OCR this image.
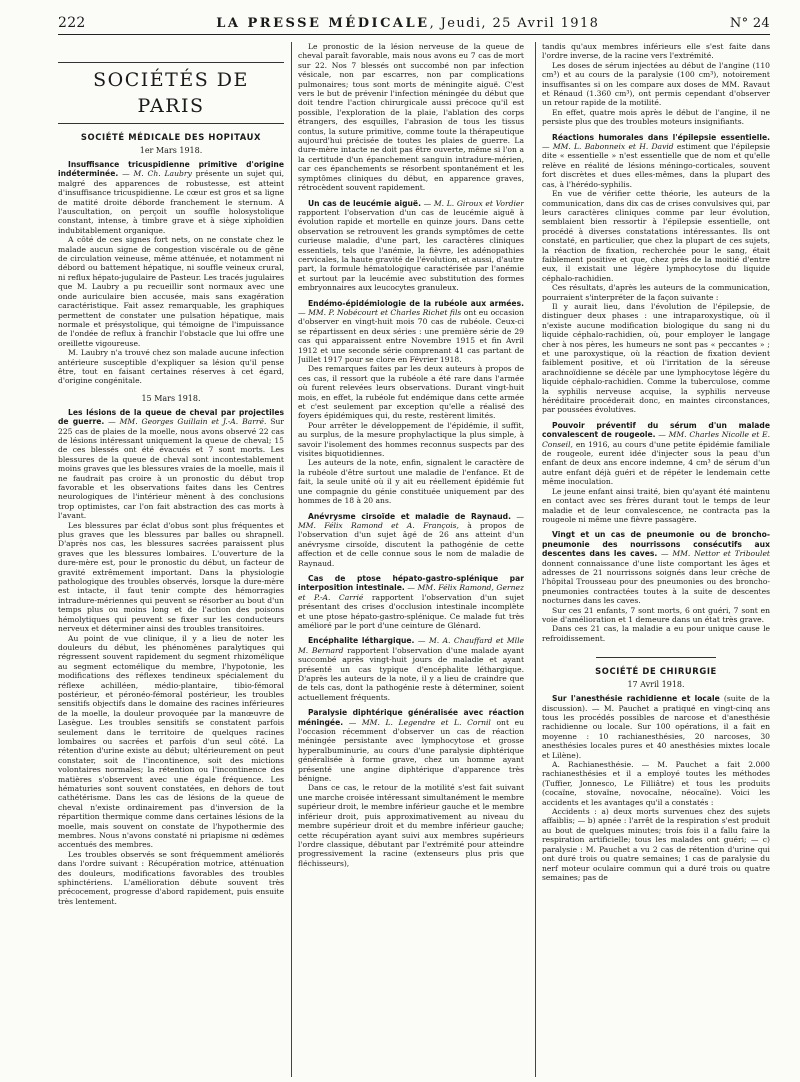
222	LA PRESSE MÉDICALE, Jeudi, 25 Avril 1918	N° 24
SOCIÉTÉS DE PARIS
SOCIÉTÉ MÉDICALE DES HOPITAUX
1er Mars 1918.

Insuffisance tricuspidienne primitive d'origine indéterminée. — M. Ch. Laubry présente un sujet qui, malgré des apparences de robustesse, est atteint d'insuffisance tricuspidienne. Le cœur est gros et sa ligne de matité droite déborde franchement le sternum. A l'auscultation, on perçoit un souffle holosystolique constant, intense, à timbre grave et à siège xiphoïdien indubitablement organique.

A côté de ces signes fort nets, on ne constate chez le malade aucun signe de congestion viscérale ou de gêne de circulation veineuse, même atténuée, et notamment ni débord ou battement hépatique, ni souffle veineux crural, ni reflux hépato-jugulaire de Pasteur. Les tracés jugulaires que M. Laubry a pu recueillir sont normaux avec une onde auriculaire bien accusée, mais sans exagération caractéristique. Fait assez remarquable, les graphiques permettent de constater une pulsation hépatique, mais normale et présystolique, qui témoigne de l'impuissance de l'ondée de reflux à franchir l'obstacle que lui offre une oreillette vigoureuse.

M. Laubry n'a trouvé chez son malade aucune infection antérieure susceptible d'expliquer sa lésion qu'il pense être, tout en faisant certaines réserves à cet égard, d'origine congénitale.

15 Mars 1918.

Les lésions de la queue de cheval par projectiles de guerre. — MM. Georges Guillain et J.-A. Barré. Sur 225 cas de plaies de la moelle, nous avons observé 22 cas de lésions intéressant uniquement la queue de cheval; 15 de ces blessés ont été évacués et 7 sont morts. Les blessures de la queue de cheval sont incontestablement moins graves que les blessures vraies de la moelle, mais il ne faudrait pas croire à un pronostic du début trop favorable et les observations faites dans les Centres neurologiques de l'intérieur mènent à des conclusions trop optimistes, car l'on fait abstraction des cas morts à l'avant.

Les blessures par éclat d'obus sont plus fréquentes et plus graves que les blessures par balles ou shrapnell. D'après nos cas, les blessures sacrées paraissent plus graves que les blessures lombaires. L'ouverture de la dure-mère est, pour le pronostic du début, un facteur de gravité extrêmement important. Dans la physiologie pathologique des troubles observés, lorsque la dure-mère est intacte, il faut tenir compte des hémorragies intradure-mériennes qui peuvent se résorber au bout d'un temps plus ou moins long et de l'action des poisons hémolytiques qui peuvent se fixer sur les conducteurs nerveux et déterminer ainsi des troubles transitoires.

Au point de vue clinique, il y a lieu de noter les douleurs du début, les phénomènes paralytiques qui régressent souvent rapidement du segment rhizomélique au segment ectomélique du membre, l'hypotonie, les modifications des réflexes tendineux spécialement du réflexe achilléen, médio-plantaire, tibio-fémoral postérieur, et péronéo-fémoral postérieur, les troubles sensitifs objectifs dans le domaine des racines inférieures de la moelle, la douleur provoquée par la manœuvre de Lasègue. Les troubles sensitifs se constatent parfois seulement dans le territoire de quelques racines lombaires ou sacrées et parfois d'un seul côté. La rétention d'urine existe au début; ultérieurement on peut constater, soit de l'incontinence, soit des mictions volontaires normales; la rétention ou l'incontinence des matières s'observent avec une égale fréquence. Les hématuries sont souvent constatées, en dehors de tout cathétérisme. Dans les cas de lésions de la queue de cheval n'existe ordinairement pas d'inversion de la répartition thermique comme dans certaines lésions de la moelle, mais souvent on constate de l'hypothermie des membres. Nous n'avons constaté ni priapisme ni œdèmes accentués des membres.

Les troubles observés se sont fréquemment améliorés dans l'ordre suivant : Récupération motrice, atténuation des douleurs, modifications favorables des troubles sphinctériens. L'amélioration débute souvent très précocement, progresse d'abord rapidement, puis ensuite très lentement.

Le pronostic de la lésion nerveuse de la queue de cheval paraît favorable, mais nous avons eu 7 cas de mort sur 22. Nos 7 blessés ont succombé non par infection vésicale, non par escarres, non par complications pulmonaires; tous sont morts de méningite aiguë. C'est vers le but de prévenir l'infection méningée du début que doit tendre l'action chirurgicale aussi précoce qu'il est possible, l'exploration de la plaie, l'ablation des corps étrangers, des esquilles, l'abrasion de tous les tissus contus, la suture primitive, comme toute la thérapeutique aujourd'hui précisée de toutes les plaies de guerre. La dure-mère intacte ne doit pas être ouverte, même si l'on a la certitude d'un épanchement sanguin intradure-mérien, car ces épanchements se résorbent spontanément et les symptômes cliniques du début, en apparence graves, rétrocèdent souvent rapidement.

Un cas de leucémie aiguë. — M. L. Giroux et Vordier rapportent l'observation d'un cas de leucémie aiguë à évolution rapide et mortelle en quinze jours. Dans cette observation se retrouvent les grands symptômes de cette curieuse maladie, d'une part, les caractères cliniques essentiels, tels que l'anémie, la fièvre, les adénopathies cervicales, la haute gravité de l'évolution, et aussi, d'autre part, la formule hématologique caractérisée par l'anémie et surtout par la leucémie avec substitution des formes embryonnaires aux leucocytes granuleux.

Endémo-épidémiologie de la rubéole aux armées. — MM. P. Nobécourt et Charles Richet fils ont eu occasion d'observer en vingt-huit mois 70 cas de rubéole. Ceux-ci se répartissent en deux séries : une première série de 29 cas qui apparaissent entre Novembre 1915 et fin Avril 1912 et une seconde série comprenant 41 cas partant de Juillet 1917 pour se clore en Février 1918.

Des remarques faites par les deux auteurs à propos de ces cas, il ressort que la rubéole a été rare dans l'armée où furent relevées leurs observations. Durant vingt-huit mois, en effet, la rubéole fut endémique dans cette armée et c'est seulement par exception qu'elle a réalisé des foyers épidémiques qui, du reste, restèrent limités.

Pour arrêter le développement de l'épidémie, il suffit, au surplus, de la mesure prophylactique la plus simple, à savoir l'isolement des hommes reconnus suspects par des visites biquotidiennes.

Les auteurs de la note, enfin, signalent le caractère de la rubéole d'être surtout une maladie de l'enfance. Et de fait, la seule unité où il y ait eu réellement épidémie fut une compagnie du génie constituée uniquement par des hommes de 18 à 20 ans.

Anévrysme cirsoïde et maladie de Raynaud. — MM. Félix Ramond et A. François, à propos de l'observation d'un sujet âgé de 26 ans atteint d'un anévrysme cirsoïde, discutent la pathogénie de cette affection et de celle connue sous le nom de maladie de Raynaud.

Cas de ptose hépato-gastro-splénique par interposition intestinale. — MM. Félix Ramond, Gernez et P.-A. Carrié rapportent l'observation d'un sujet présentant des crises d'occlusion intestinale incomplète et une ptose hépato-gastro-splénique. Ce malade fut très amélioré par le port d'une ceinture de Glénard.

Encéphalite léthargique. — M. A. Chauffard et Mlle M. Bernard rapportent l'observation d'une malade ayant succombé après vingt-huit jours de maladie et ayant présenté un cas typique d'encéphalite léthargique. D'après les auteurs de la note, il y a lieu de craindre que de tels cas, dont la pathogénie reste à déterminer, soient actuellement fréquents.

Paralysie diphtérique généralisée avec réaction méningée. — MM. L. Legendre et L. Cornil ont eu l'occasion récemment d'observer un cas de réaction méningée persistante avec lymphocytose et grosse hyperalbuminurie, au cours d'une paralysie diphtérique généralisée à forme grave, chez un homme ayant présenté une angine diphtérique d'apparence très bénigne.

Dans ce cas, le retour de la motilité s'est fait suivant une marche croisée intéressant simultanément le membre supérieur droit, le membre inférieur gauche et le membre inférieur droit, puis approximativement au niveau du membre supérieur droit et du membre inférieur gauche; cette récupération ayant suivi aux membres supérieurs l'ordre classique, débutant par l'extrémité pour atteindre progressivement la racine (extenseurs plus pris que fléchisseurs),

tandis qu'aux membres inférieurs elle s'est faite dans l'ordre inverse, de la racine vers l'extrémité.

Les doses de sérum injectées au début de l'angine (110 cm³) et au cours de la paralysie (100 cm³), notoirement insuffisantes si on les compare aux doses de MM. Ravaut et Rénaud (1.360 cm³), ont permis cependant d'observer un retour rapide de la motilité.

En effet, quatre mois après le début de l'angine, il ne persiste plus que des troubles moteurs insignifiants.

Réactions humorales dans l'épilepsie essentielle. — MM. L. Babonneix et H. David estiment que l'épilepsie dite « essentielle » n'est essentielle que de nom et qu'elle relève en réalité de lésions méningo-corticales, souvent fort discrètes et dues elles-mêmes, dans la plupart des cas, à l'hérédo-syphilis.

En vue de vérifier cette théorie, les auteurs de la communication, dans dix cas de crises convulsives qui, par leurs caractères cliniques comme par leur évolution, semblaient bien ressortir à l'épilepsie essentielle, ont procédé à diverses constatations intéressantes. Ils ont constaté, en particulier, que chez la plupart de ces sujets, la réaction de fixation, recherchée pour le sang, était faiblement positive et que, chez près de la moitié d'entre eux, il existait une légère lymphocytose du liquide céphalo-rachidien.

Ces résultats, d'après les auteurs de la communication, pourraient s'interpréter de la façon suivante :

Il y aurait lieu, dans l'évolution de l'épilepsie, de distinguer deux phases : une intraparoxystique, où il n'existe aucune modification biologique du sang ni du liquide céphalo-rachidien, où, pour employer le langage cher à nos pères, les humeurs ne sont pas « peccantes » ; et une paroxystique, où la réaction de fixation devient faiblement positive, et où l'irritation de la séreuse arachnoïdienne se décèle par une lymphocytose légère du liquide céphalo-rachidien. Comme la tuberculose, comme la syphilis nerveuse acquise, la syphilis nerveuse héréditaire procéderait donc, en maintes circonstances, par poussées évolutives.

Pouvoir préventif du sérum d'un malade convalescent de rougeole. — MM. Charles Nicolle et E. Conseil, en 1916, au cours d'une petite épidémie familiale de rougeole, eurent idée d'injecter sous la peau d'un enfant de deux ans encore indemne, 4 cm³ de sérum d'un autre enfant déjà guéri et de répéter le lendemain cette même inoculation.

Le jeune enfant ainsi traité, bien qu'ayant été maintenu en contact avec ses frères durant tout le temps de leur maladie et de leur convalescence, ne contracta pas la rougeole ni même une fièvre passagère.

Vingt et un cas de pneumonie ou de broncho-pneumonie des nourrissons consécutifs aux descentes dans les caves. — MM. Nettor et Triboulet donnent connaissance d'une liste comportant les âges et adresses de 21 nourrissons soignés dans leur crèche de l'hôpital Trousseau pour des pneumonies ou des broncho-pneumonies contractées toutes à la suite de descentes nocturnes dans les caves.

Sur ces 21 enfants, 7 sont morts, 6 ont guéri, 7 sont en voie d'amélioration et 1 demeure dans un état très grave.

Dans ces 21 cas, la maladie a eu pour unique cause le refroidissement.

SOCIÉTÉ DE CHIRURGIE
17 Avril 1918.

Sur l'anesthésie rachidienne et locale (suite de la discussion). — M. Pauchet a pratiqué en vingt-cinq ans tous les procédés possibles de narcose et d'anesthésie rachidienne ou locale. Sur 100 opérations, il a fait en moyenne : 10 rachianesthésies, 20 narcoses, 30 anesthésies locales pures et 40 anesthésies mixtes locale et Lilène).

A. Rachianesthésie. — M. Pauchet a fait 2.000 rachianesthésies et il a employé toutes les méthodes (Tuffier, Jonnesco, Le Filliâtre) et tous les produits (cocaïne, stovaïne, novocaïne, néocaïne). Voici les accidents et les avantages qu'il a constatés :

Accidents : a) deux morts survenues chez des sujets affaiblis; — b) apnée : l'arrêt de la respiration s'est produit au bout de quelques minutes; trois fois il a fallu faire la respiration artificielle; tous les malades ont guéri; — c) paralysie : M. Pauchet a vu 2 cas de rétention d'urine qui ont duré trois ou quatre semaines; 1 cas de paralysie du nerf moteur oculaire commun qui a duré trois ou quatre semaines; pas de
